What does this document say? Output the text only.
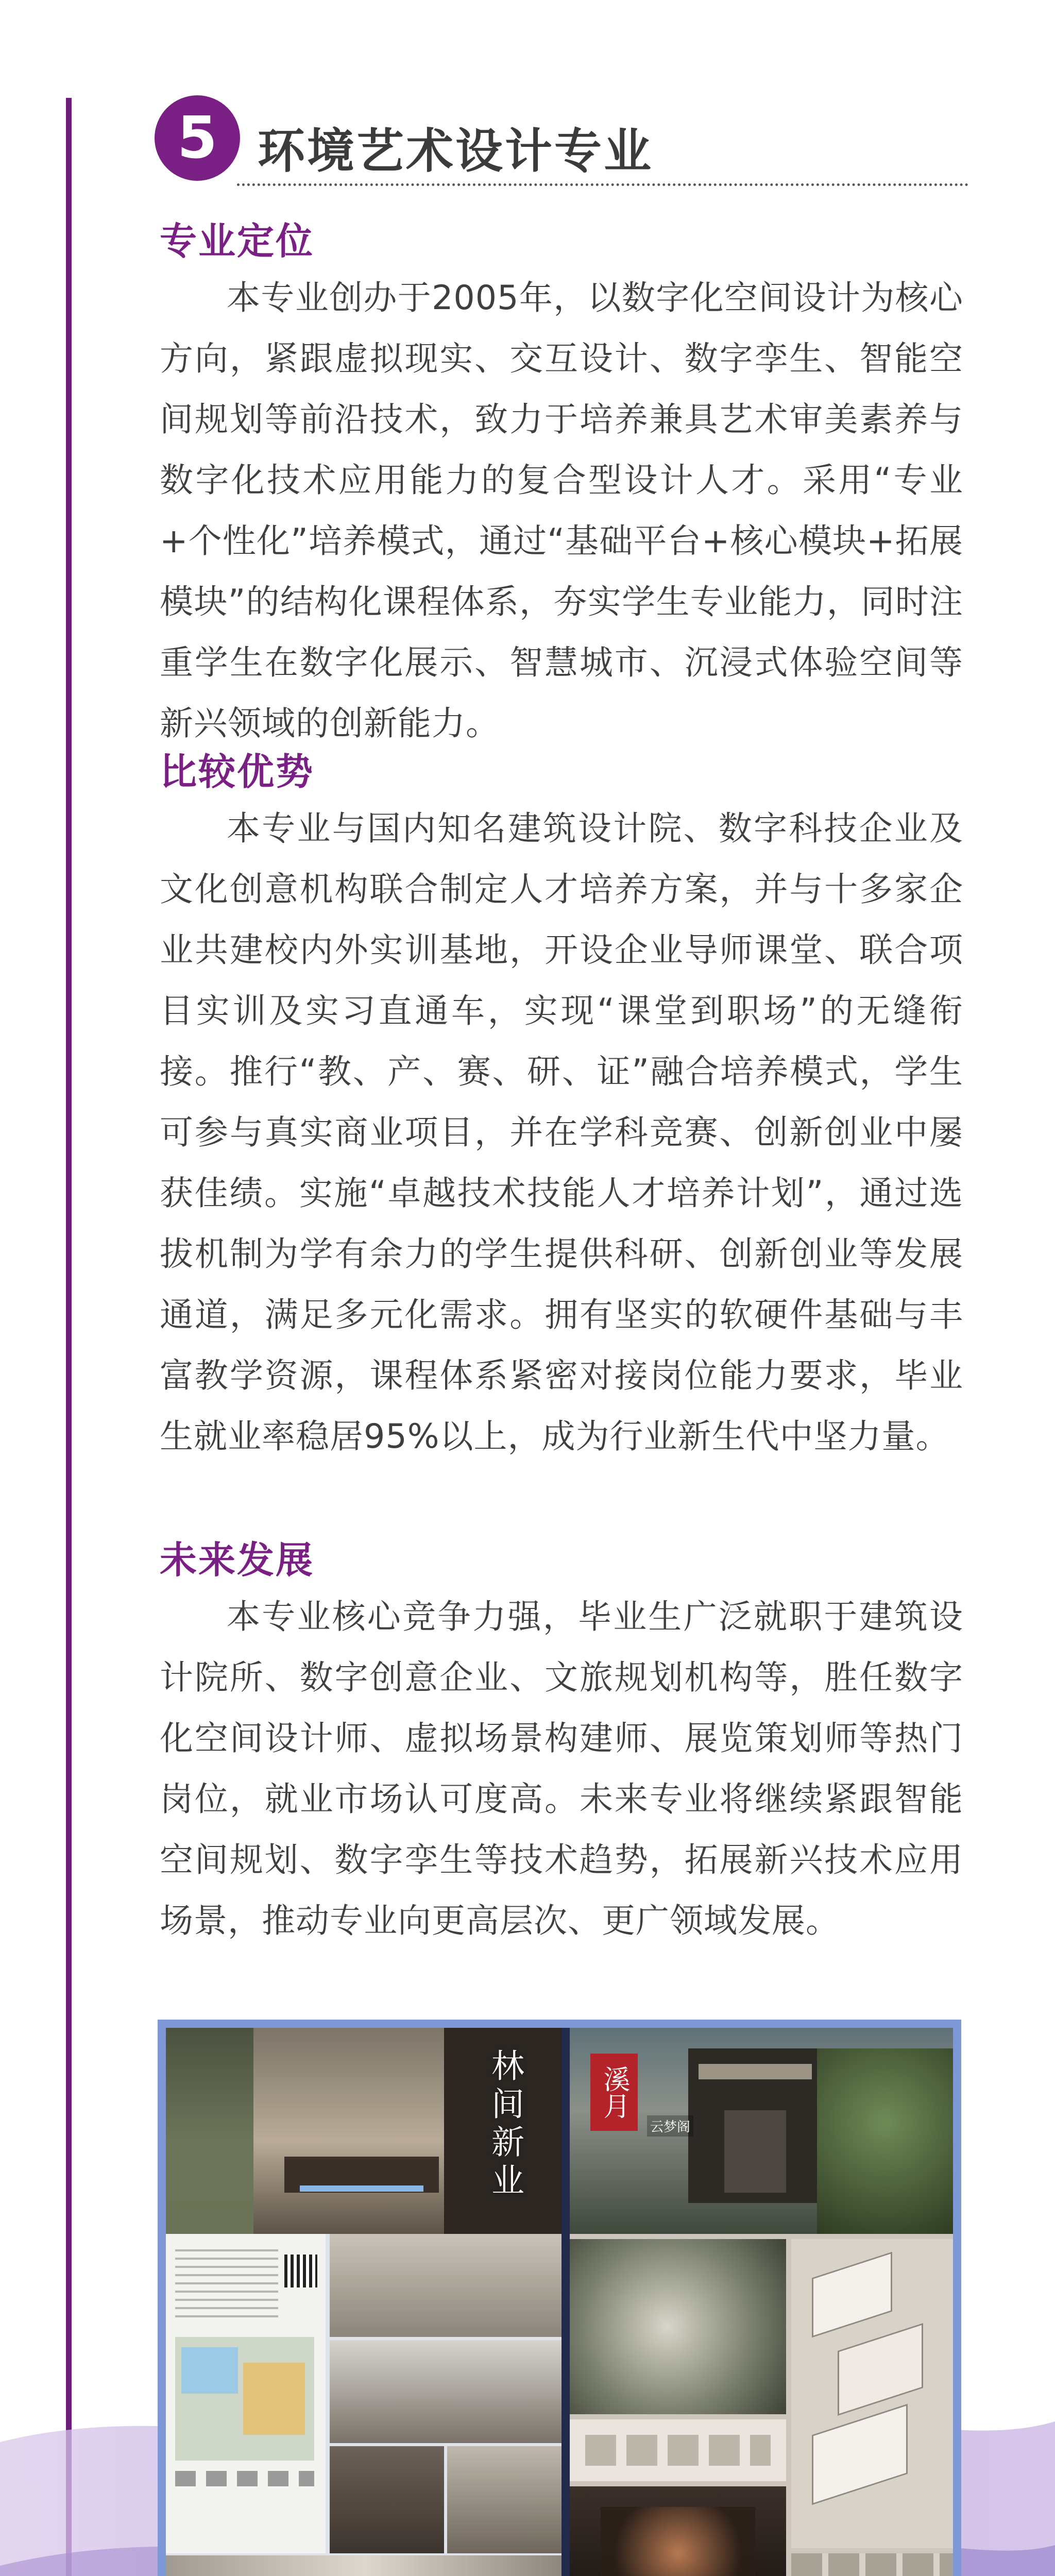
5 环境艺术设计专业
专业定位

本专业创办于2005年，以数字化空间设计为核心方向，紧跟虚拟现实、交互设计、数字孪生、智能空间规划等前沿技术，致力于培养兼具艺术审美素养与数字化技术应用能力的复合型设计人才。采用“专业+个性化”培养模式，通过“基础平台+核心模块+拓展模块”的结构化课程体系，夯实学生专业能力，同时注重学生在数字化展示、智慧城市、沉浸式体验空间等新兴领域的创新能力。

比较优势

本专业与国内知名建筑设计院、数字科技企业及文化创意机构联合制定人才培养方案，并与十多家企业共建校内外实训基地，开设企业导师课堂、联合项目实训及实习直通车，实现“课堂到职场”的无缝衔接。推行“教、产、赛、研、证”融合培养模式，学生可参与真实商业项目，并在学科竞赛、创新创业中屡获佳绩。实施“卓越技术技能人才培养计划”，通过选拔机制为学有余力的学生提供科研、创新创业等发展通道，满足多元化需求。拥有坚实的软硬件基础与丰富教学资源，课程体系紧密对接岗位能力要求，毕业生就业率稳居95%以上，成为行业新生代中坚力量。

未来发展

本专业核心竞争力强，毕业生广泛就职于建筑设计院所、数字创意企业、文旅规划机构等，胜任数字化空间设计师、虚拟场景构建师、展览策划师等热门岗位，就业市场认可度高。未来专业将继续紧跟智能空间规划、数字孪生等技术趋势，拓展新兴技术应用场景，推动专业向更高层次、更广领域发展。

林间新业	溪月
云梦阁
